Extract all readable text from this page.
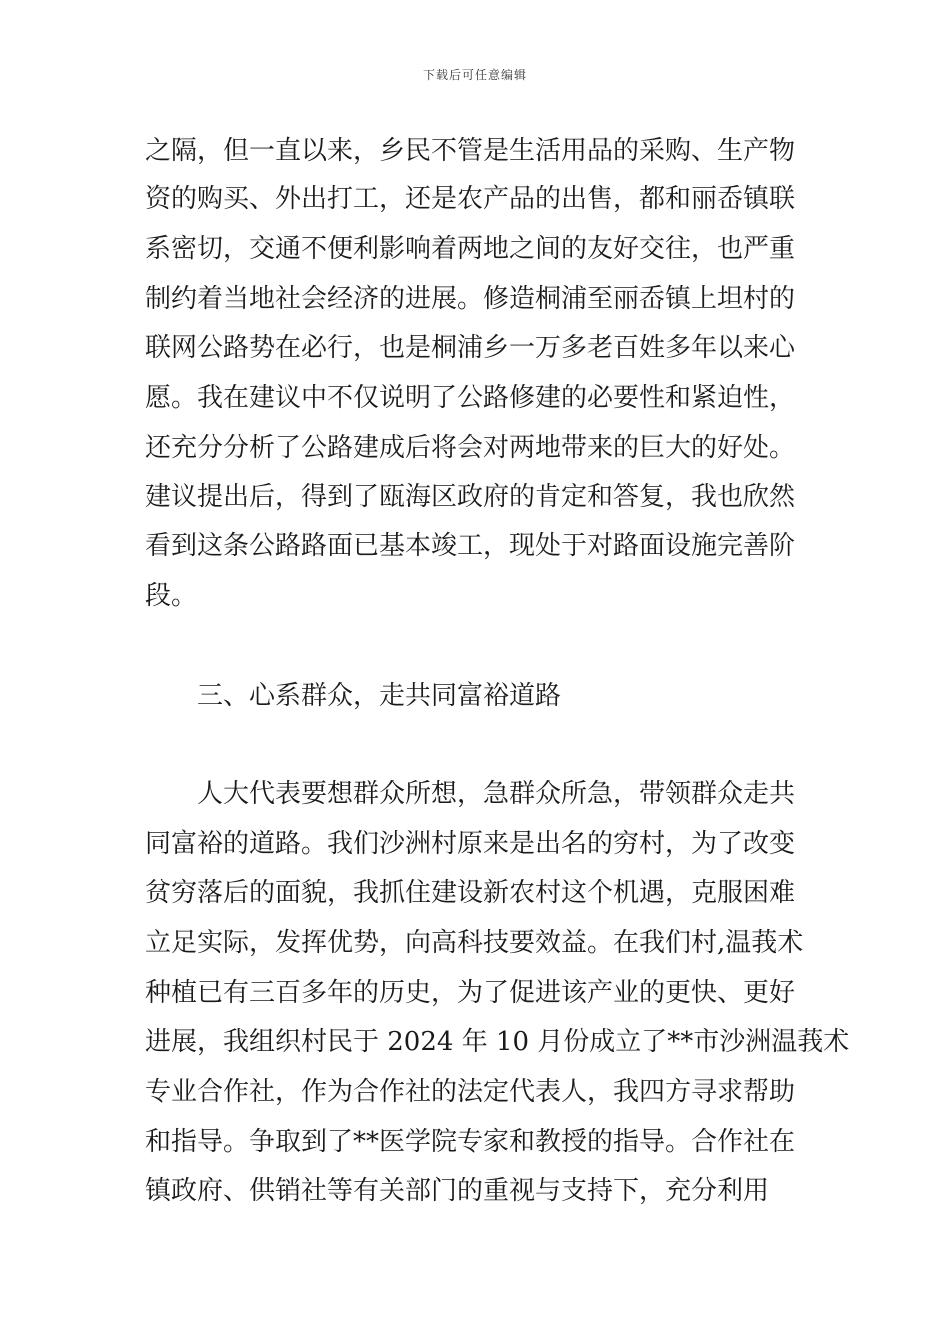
下载后可任意编辑
之隔，但一直以来，乡民不管是生活用品的采购、生产物
资的购买、外出打工，还是农产品的出售，都和丽岙镇联
系密切，交通不便利影响着两地之间的友好交往，也严重
制约着当地社会经济的进展。修造桐浦至丽岙镇上坦村的
联网公路势在必行，也是桐浦乡一万多老百姓多年以来心
愿。我在建议中不仅说明了公路修建的必要性和紧迫性，
还充分分析了公路建成后将会对两地带来的巨大的好处。
建议提出后，得到了瓯海区政府的肯定和答复，我也欣然
看到这条公路路面已基本竣工，现处于对路面设施完善阶
段。
三、心系群众，走共同富裕道路
人大代表要想群众所想，急群众所急，带领群众走共
同富裕的道路。我们沙洲村原来是出名的穷村，为了改变
贫穷落后的面貌，我抓住建设新农村这个机遇，克服困难
立足实际，发挥优势，向高科技要效益。在我们村,温莪术
种植已有三百多年的历史，为了促进该产业的更快、更好
进展，我组织村民于 2024 年 10 月份成立了**市沙洲温莪术
专业合作社，作为合作社的法定代表人，我四方寻求帮助
和指导。争取到了**医学院专家和教授的指导。合作社在
镇政府、供销社等有关部门的重视与支持下，充分利用
